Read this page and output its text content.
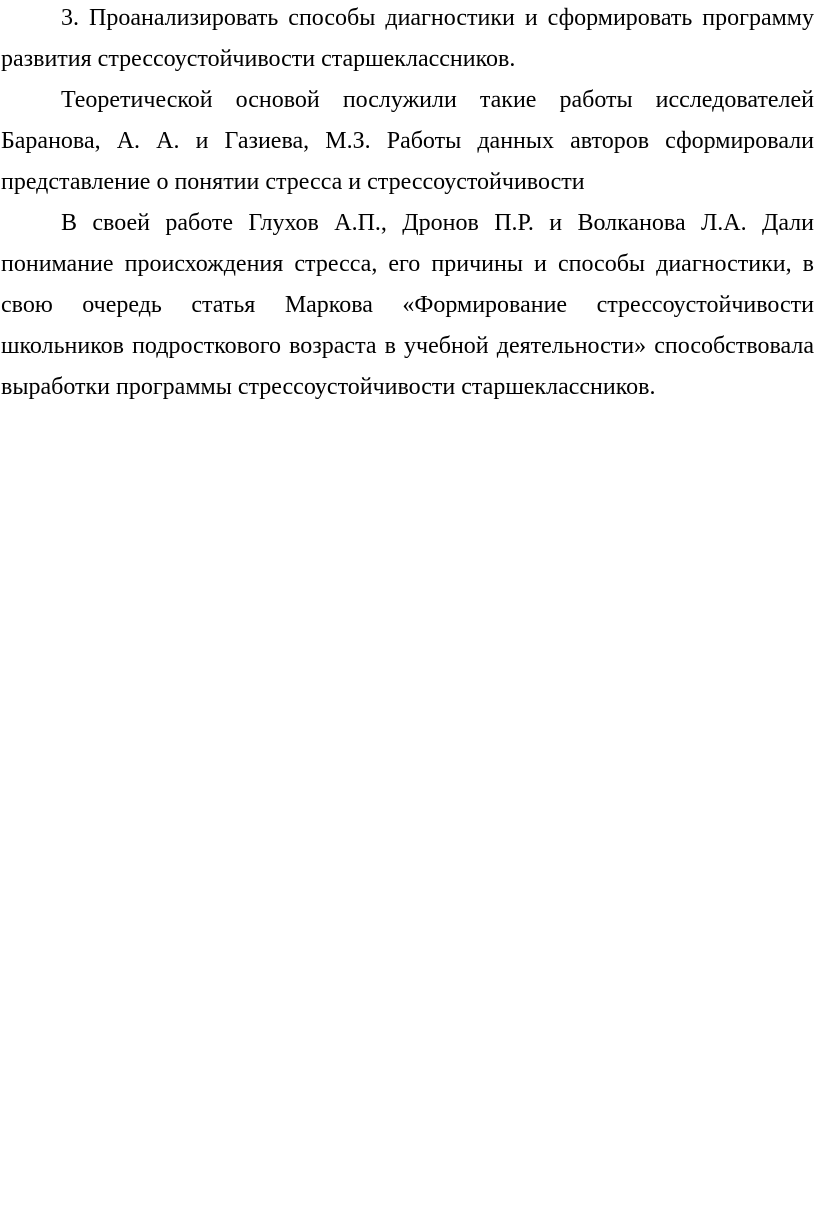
3. Проанализировать способы диагностики и сформировать программу развития стрессоустойчивости старшеклассников.

Теоретической основой послужили такие работы исследователей Баранова, А. А. и Газиева, М.З. Работы данных авторов сформировали представление о понятии стресса и стрессоустойчивости

В своей работе Глухов А.П., Дронов П.Р. и Волканова Л.А. Дали понимание происхождения стресса, его причины и способы диагностики, в свою очередь статья Маркова «Формирование стрессоустойчивости школьников подросткового возраста в учебной деятельности» способствовала выработки программы стрессоустойчивости старшеклассников.
